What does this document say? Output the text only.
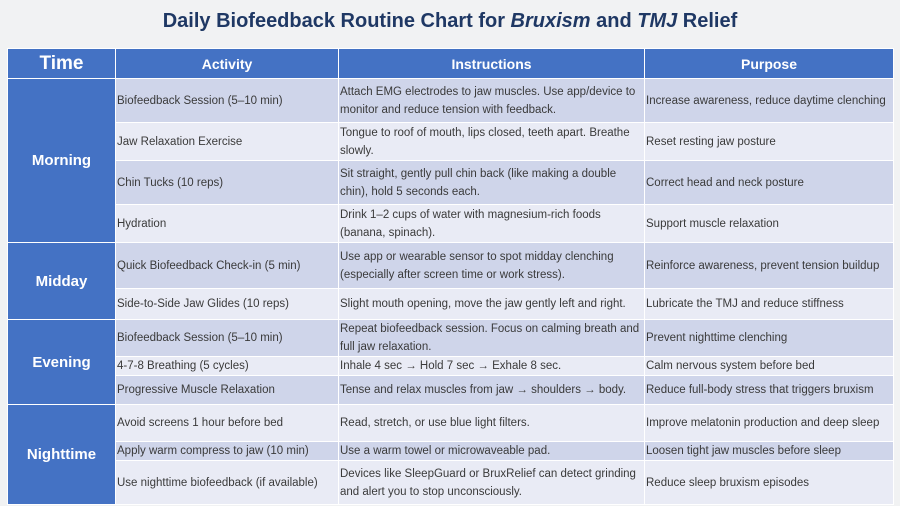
Daily Biofeedback Routine Chart for Bruxism and TMJ Relief
Time	Activity	Instructions	Purpose
Morning	Biofeedback Session (5–10 min)	Attach EMG electrodes to jaw muscles. Use app/device to monitor and reduce tension with feedback.	Increase awareness, reduce daytime clenching
	Jaw Relaxation Exercise	Tongue to roof of mouth, lips closed, teeth apart. Breathe slowly.	Reset resting jaw posture
	Chin Tucks (10 reps)	Sit straight, gently pull chin back (like making a double chin), hold 5 seconds each.	Correct head and neck posture
	Hydration	Drink 1–2 cups of water with magnesium-rich foods (banana, spinach).	Support muscle relaxation
Midday	Quick Biofeedback Check-in (5 min)	Use app or wearable sensor to spot midday clenching (especially after screen time or work stress).	Reinforce awareness, prevent tension buildup
	Side-to-Side Jaw Glides (10 reps)	Slight mouth opening, move the jaw gently left and right.	Lubricate the TMJ and reduce stiffness
Evening	Biofeedback Session (5–10 min)	Repeat biofeedback session. Focus on calming breath and full jaw relaxation.	Prevent nighttime clenching
	4-7-8 Breathing (5 cycles)	Inhale 4 sec → Hold 7 sec → Exhale 8 sec.	Calm nervous system before bed
	Progressive Muscle Relaxation	Tense and relax muscles from jaw → shoulders → body.	Reduce full-body stress that triggers bruxism
Nighttime	Avoid screens 1 hour before bed	Read, stretch, or use blue light filters.	Improve melatonin production and deep sleep
	Apply warm compress to jaw (10 min)	Use a warm towel or microwaveable pad.	Loosen tight jaw muscles before sleep
	Use nighttime biofeedback (if available)	Devices like SleepGuard or BruxRelief can detect grinding and alert you to stop unconsciously.	Reduce sleep bruxism episodes
